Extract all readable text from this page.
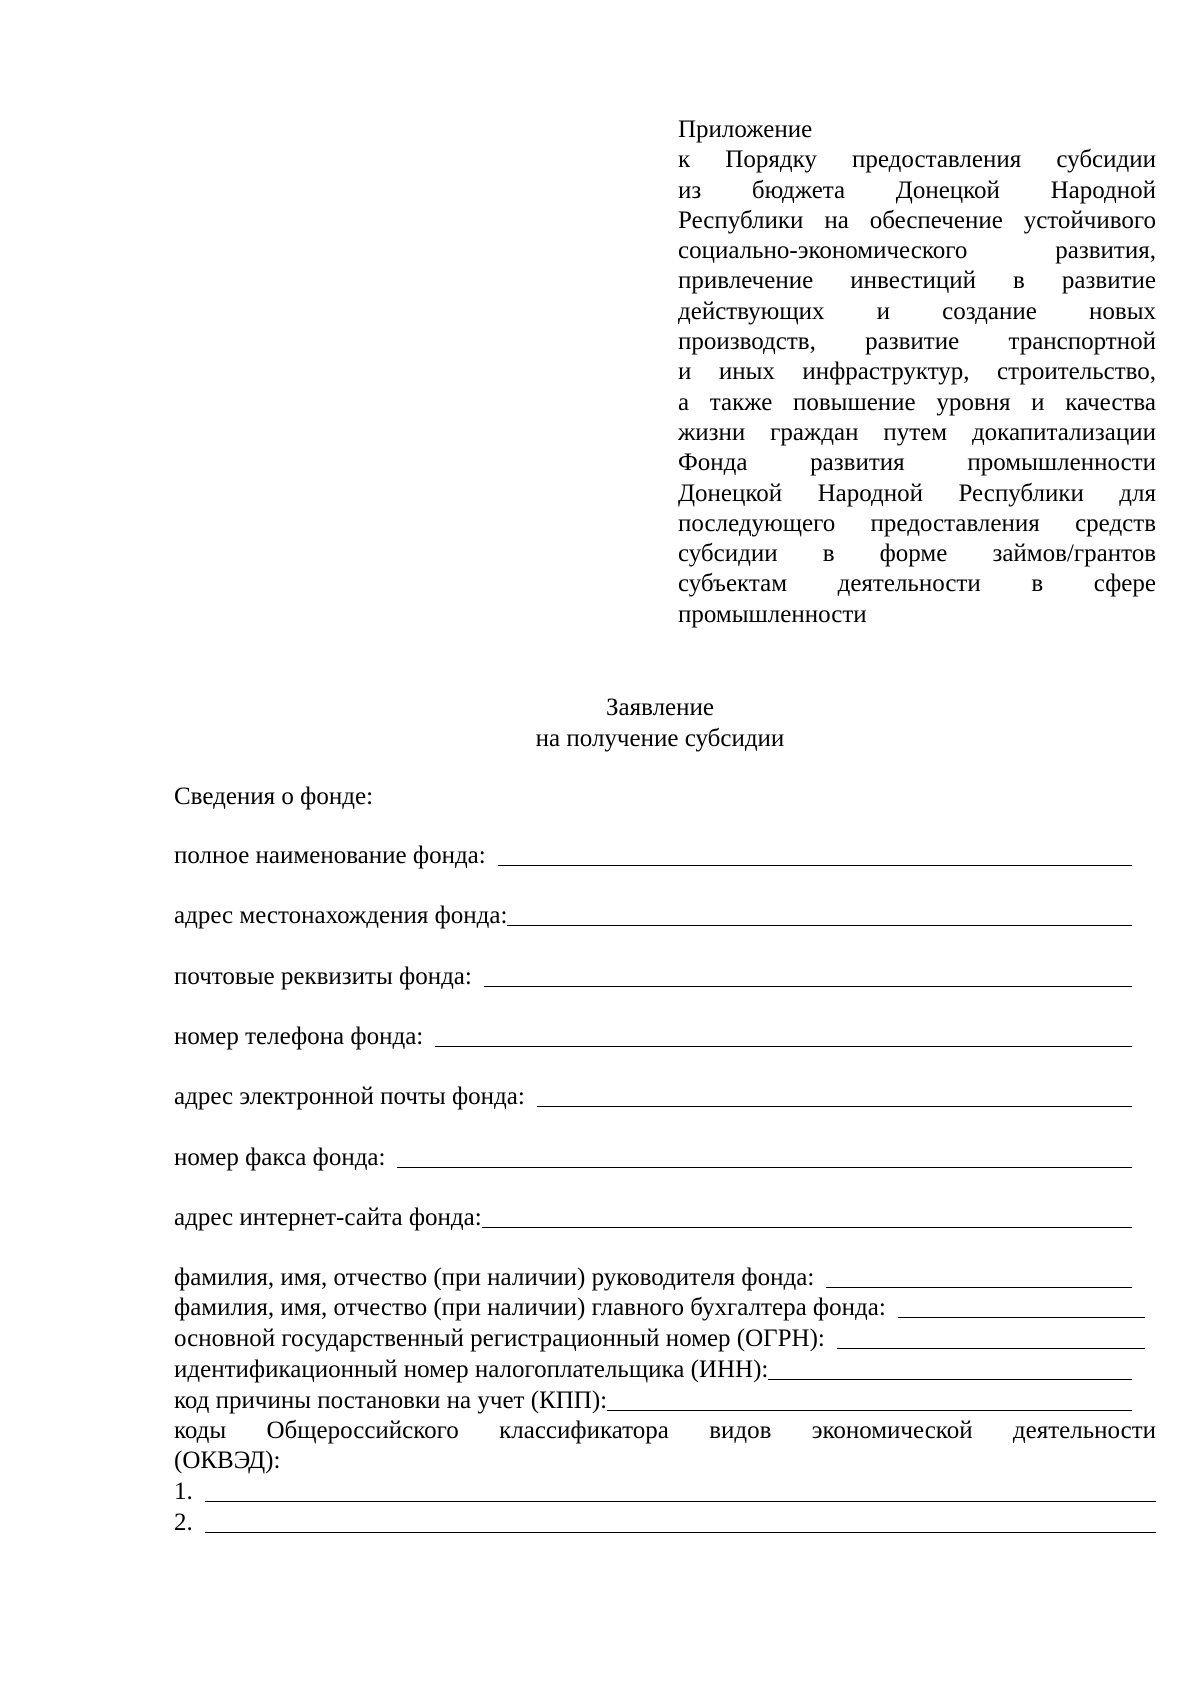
Приложение
к Порядку предоставления субсидии
из бюджета Донецкой Народной
Республики на обеспечение устойчивого
социально-экономического развития,
привлечение инвестиций в развитие
действующих и создание новых
производств, развитие транспортной
и иных инфраструктур, строительство,
а также повышение уровня и качества
жизни граждан путем докапитализации
Фонда развития промышленности
Донецкой Народной Республики для
последующего предоставления средств
субсидии в форме займов/грантов
субъектам деятельности в сфере
промышленности
Заявление
на получение субсидии
Сведения о фонде:
полное наименование фонда:
адрес местонахождения фонда:
почтовые реквизиты фонда:
номер телефона фонда:
адрес электронной почты фонда:
номер факса фонда:
адрес интернет-сайта фонда:
фамилия, имя, отчество (при наличии) руководителя фонда:
фамилия, имя, отчество (при наличии) главного бухгалтера фонда:
основной государственный регистрационный номер (ОГРН):
идентификационный номер налогоплательщика (ИНН):
код причины постановки на учет (КПП):
коды Общероссийского классификатора видов экономической деятельности
(ОКВЭД):
1.
2.
